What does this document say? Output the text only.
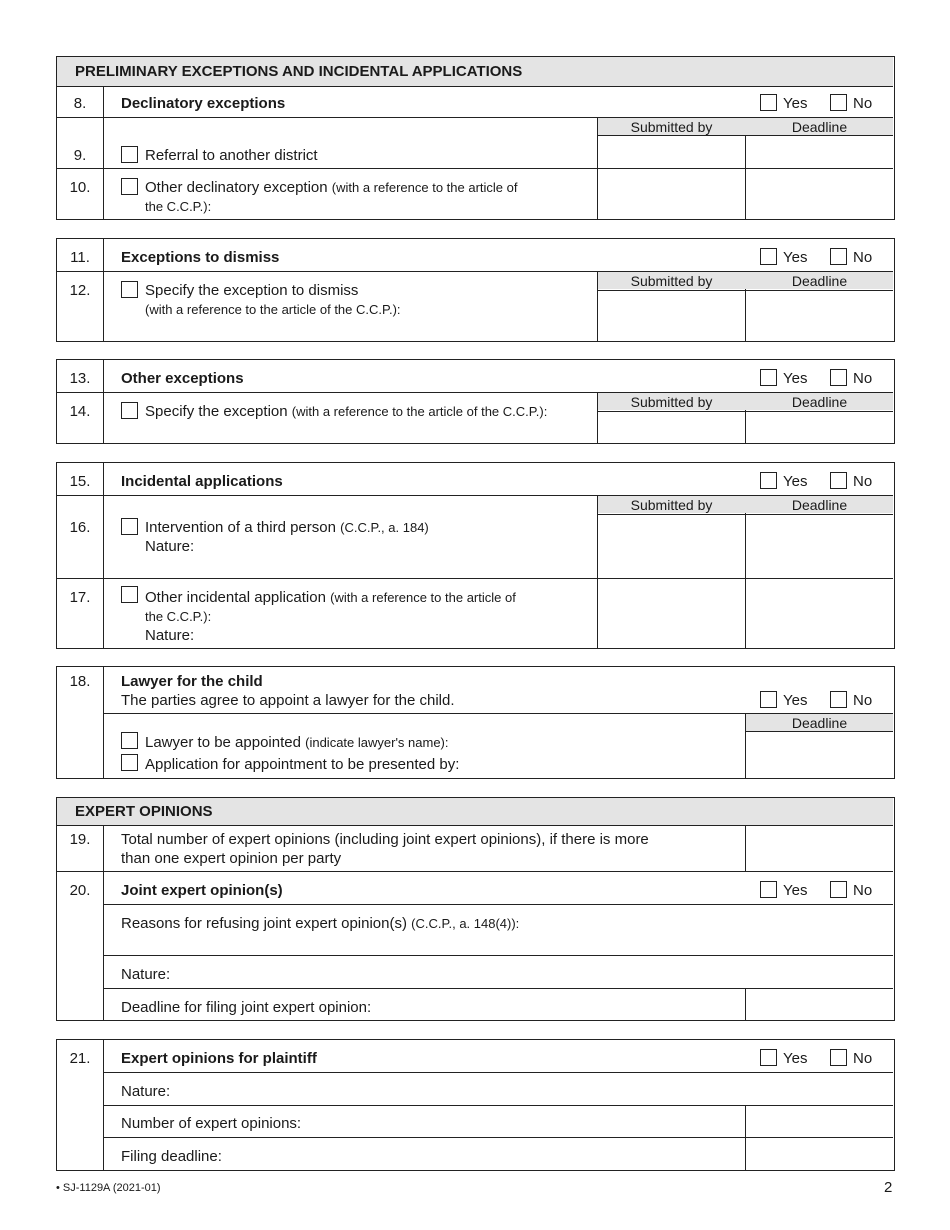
PRELIMINARY EXCEPTIONS AND INCIDENTAL APPLICATIONS
8.	Declinatory exceptions	Yes	No
Submitted by	Deadline
9.	Referral to another district
10.	Other declinatory exception (with a reference to the article of
the C.C.P.):
11.	Exceptions to dismiss	Yes	No
Submitted by	Deadline
12.	Specify the exception to dismiss
(with a reference to the article of the C.C.P.):
13.	Other exceptions	Yes	No
Submitted by	Deadline
14.	Specify the exception (with a reference to the article of the C.C.P.):
15.	Incidental applications	Yes	No
Submitted by	Deadline
16.	Intervention of a third person (C.C.P., a. 184)
Nature:
17.	Other incidental application (with a reference to the article of
the C.C.P.):
Nature:
18.	Lawyer for the child
The parties agree to appoint a lawyer for the child.	Yes	No
Deadline
Lawyer to be appointed (indicate lawyer's name):
Application for appointment to be presented by:
EXPERT OPINIONS
19.	Total number of expert opinions (including joint expert opinions), if there is more
than one expert opinion per party
20.	Joint expert opinion(s)	Yes	No
Reasons for refusing joint expert opinion(s) (C.C.P., a. 148(4)):
Nature:
Deadline for filing joint expert opinion:
21.	Expert opinions for plaintiff	Yes	No
Nature:
Number of expert opinions:
Filing deadline:
• SJ-1129A (2021-01)	2
